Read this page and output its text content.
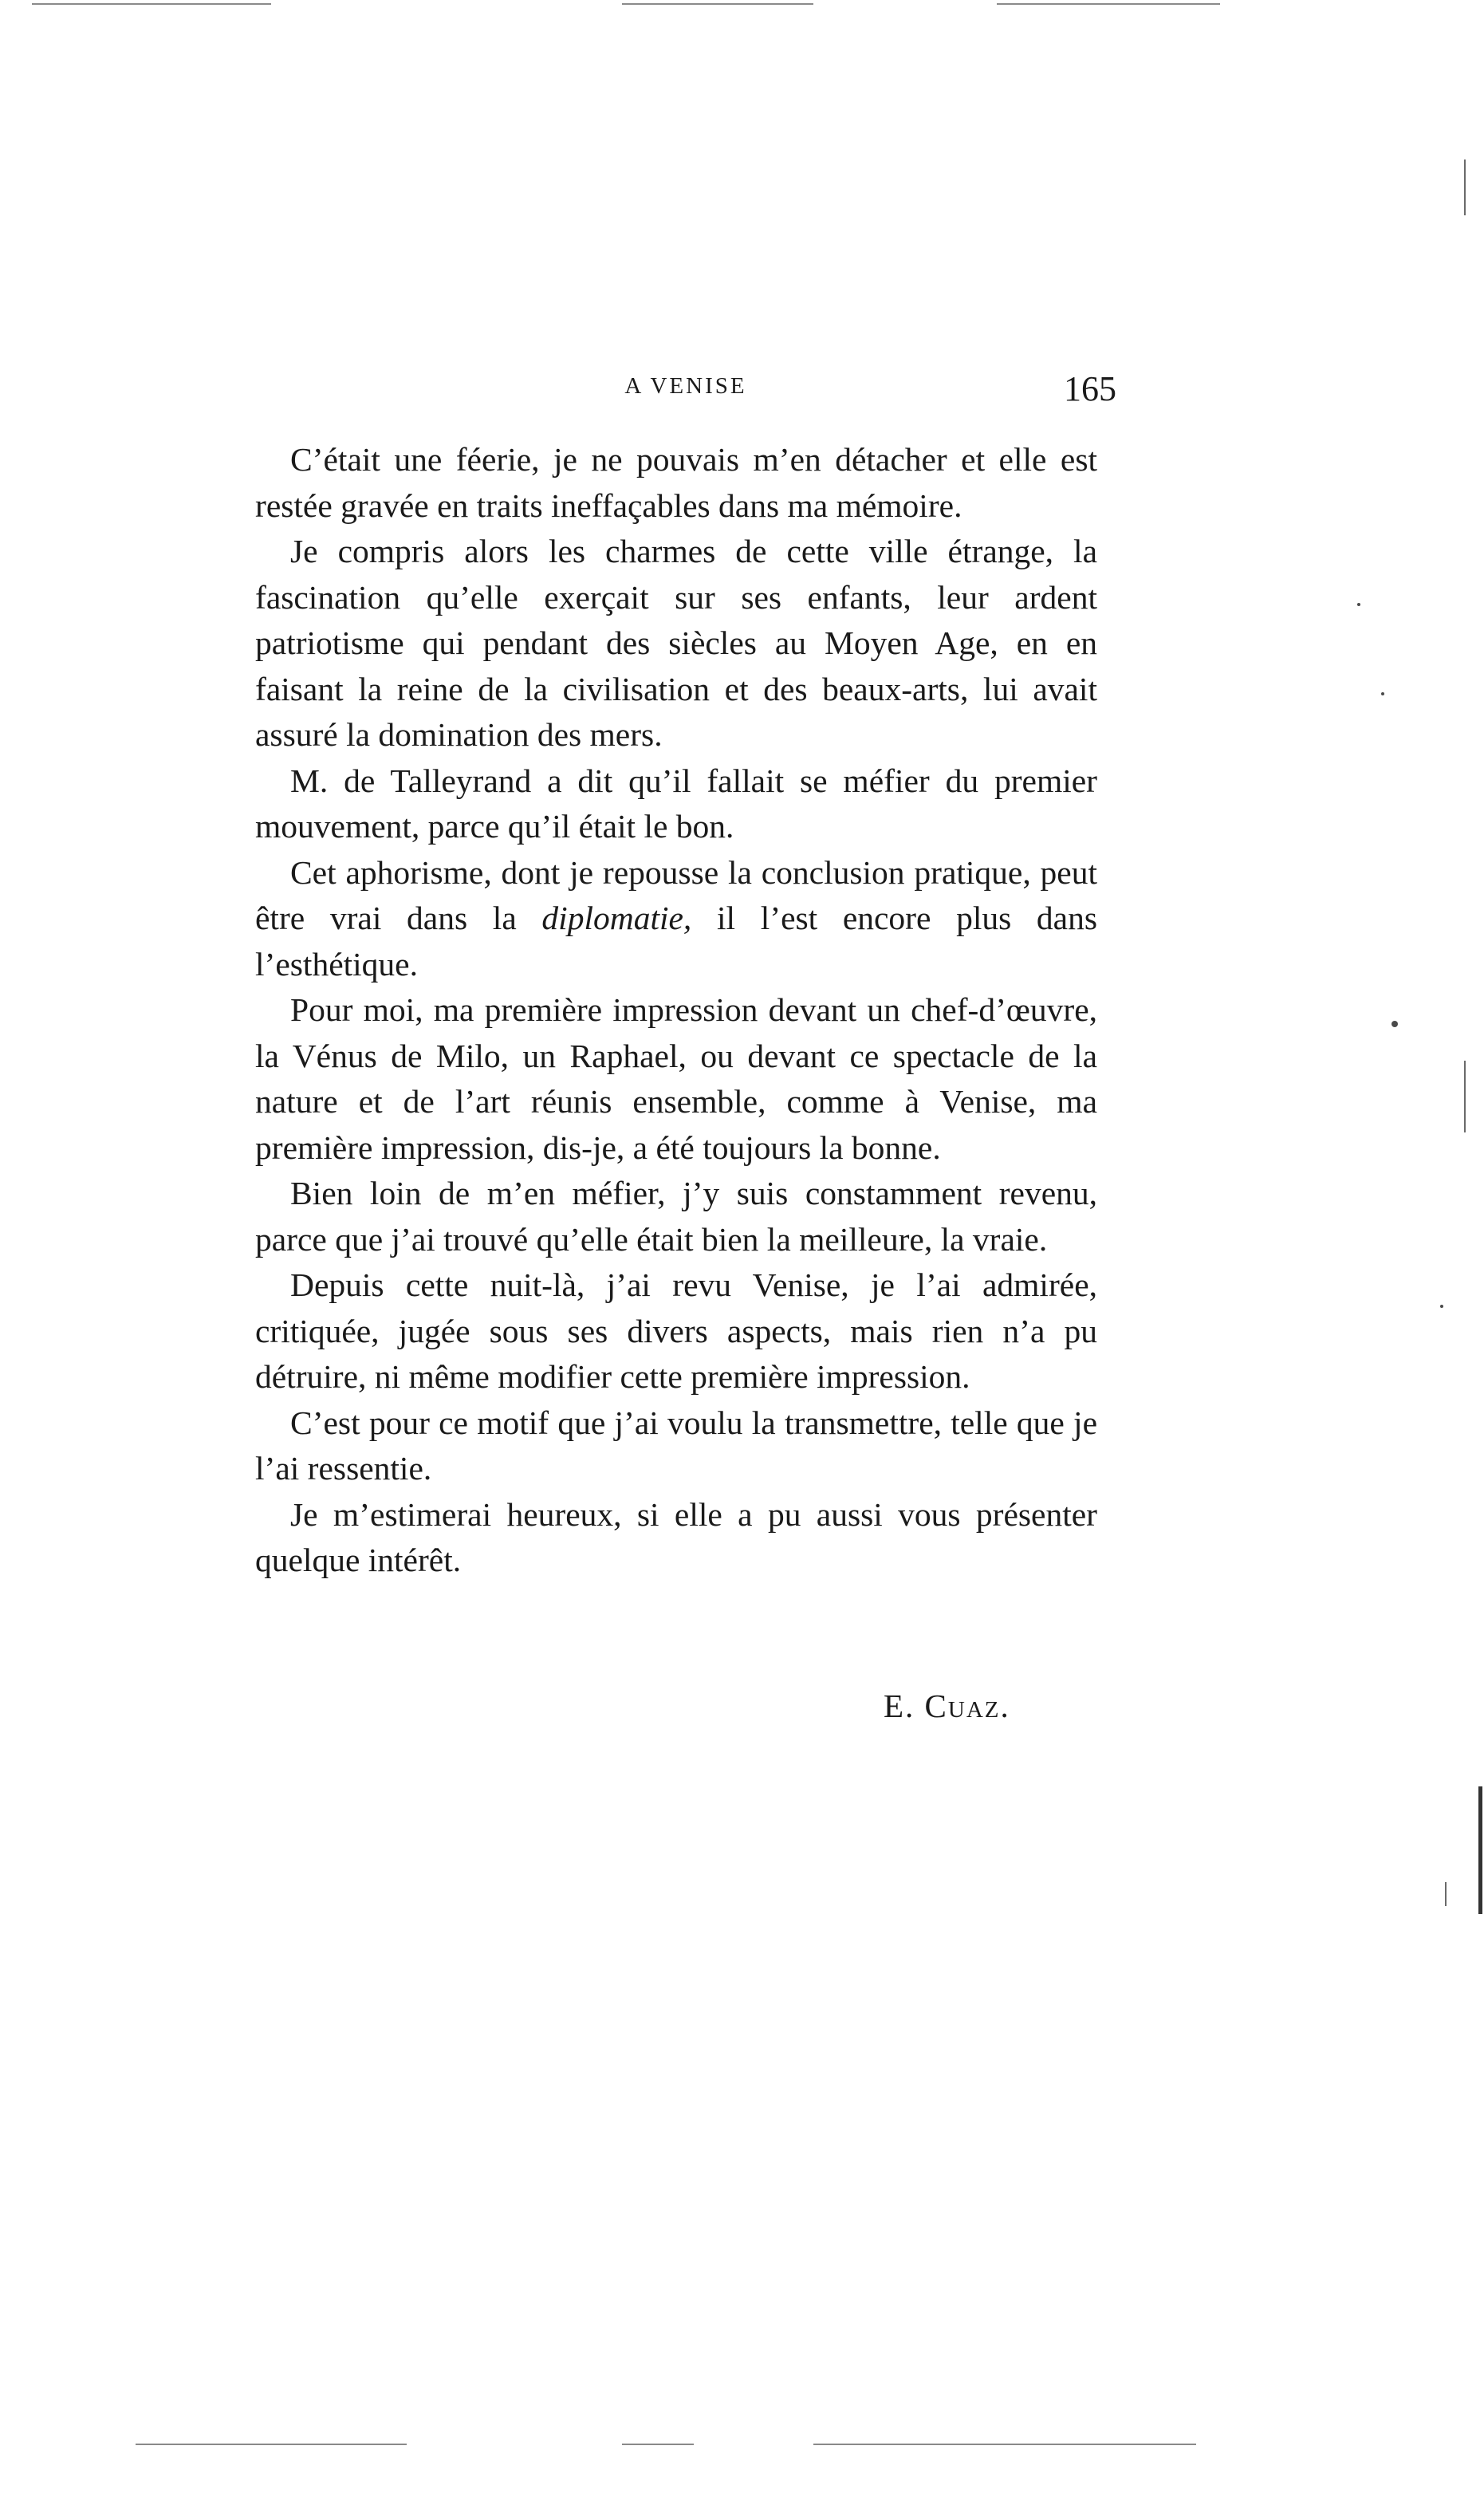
A VENISE	165

C’était une féerie, je ne pouvais m’en détacher et elle est restée gravée en traits ineffaçables dans ma mémoire.

Je compris alors les charmes de cette ville étrange, la fascination qu’elle exerçait sur ses enfants, leur ardent patriotisme qui pendant des siècles au Moyen Age, en en faisant la reine de la civilisation et des beaux-arts, lui avait assuré la domination des mers.

M. de Talleyrand a dit qu’il fallait se méfier du premier mouvement, parce qu’il était le bon.

Cet aphorisme, dont je repousse la conclusion pratique, peut être vrai dans la diplomatie, il l’est encore plus dans l’esthétique.

Pour moi, ma première impression devant un chef-d’œuvre, la Vénus de Milo, un Raphael, ou devant ce spectacle de la nature et de l’art réunis ensemble, comme à Venise, ma première impression, dis-je, a été toujours la bonne.

Bien loin de m’en méfier, j’y suis constamment revenu, parce que j’ai trouvé qu’elle était bien la meilleure, la vraie.

Depuis cette nuit-là, j’ai revu Venise, je l’ai admirée, critiquée, jugée sous ses divers aspects, mais rien n’a pu détruire, ni même modifier cette première impression.

C’est pour ce motif que j’ai voulu la transmettre, telle que je l’ai ressentie.

Je m’estimerai heureux, si elle a pu aussi vous présenter quelque intérêt.

E. Cuaz.
